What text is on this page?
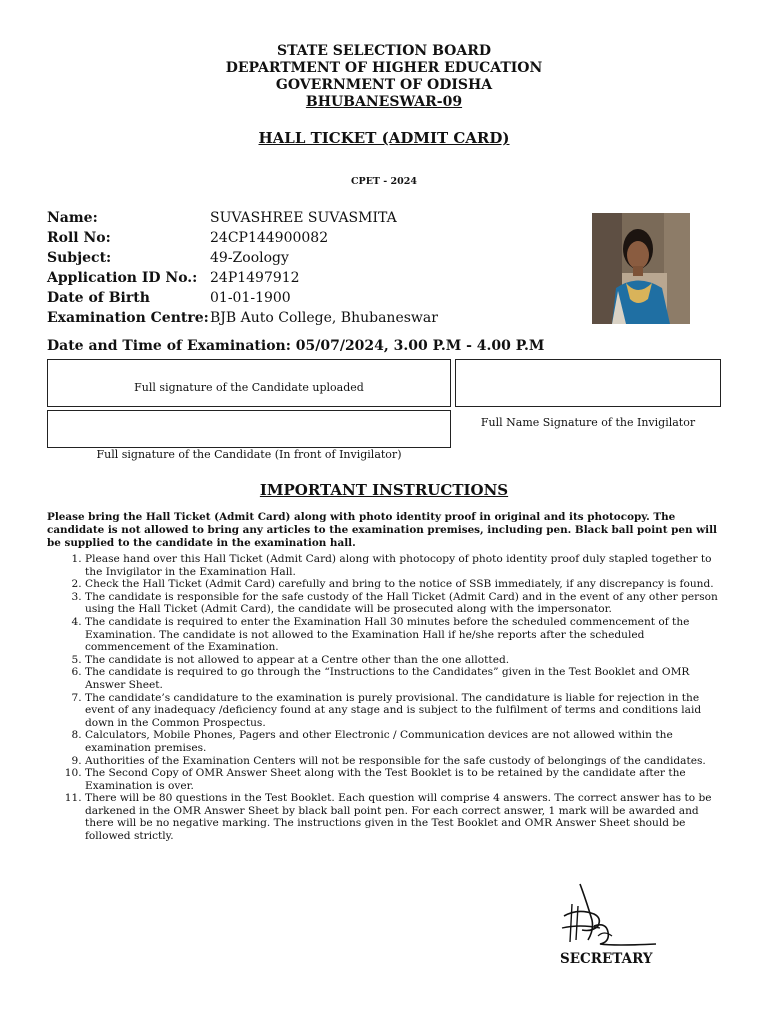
STATE SELECTION BOARD
DEPARTMENT OF HIGHER EDUCATION
GOVERNMENT OF ODISHA
BHUBANESWAR-09
HALL TICKET (ADMIT CARD)
CPET - 2024
Name:	SUVASHREE SUVASMITA
Roll No:	24CP144900082
Subject:	49-Zoology
Application ID No.: 24P1497912
Date of Birth	01-01-1900
Examination Centre: BJB Auto College, Bhubaneswar
Date and Time of Examination: 05/07/2024, 3.00 P.M - 4.00 P.M
Full signature of the Candidate uploaded
Full Name Signature of the Invigilator
Full signature of the Candidate (In front of Invigilator)
IMPORTANT INSTRUCTIONS
Please bring the Hall Ticket (Admit Card) along with photo identity proof in original and its photocopy. The candidate is not allowed to bring any articles to the examination premises, including pen. Black ball point pen will be supplied to the candidate in the examination hall.
1. Please hand over this Hall Ticket (Admit Card) along with photocopy of photo identity proof duly stapled together to the Invigilator in the Examination Hall.
2. Check the Hall Ticket (Admit Card) carefully and bring to the notice of SSB immediately, if any discrepancy is found.
3. The candidate is responsible for the safe custody of the Hall Ticket (Admit Card) and in the event of any other person using the Hall Ticket (Admit Card), the candidate will be prosecuted along with the impersonator.
4. The candidate is required to enter the Examination Hall 30 minutes before the scheduled commencement of the Examination. The candidate is not allowed to the Examination Hall if he/she reports after the scheduled commencement of the Examination.
5. The candidate is not allowed to appear at a Centre other than the one allotted.
6. The candidate is required to go through the “Instructions to the Candidates” given in the Test Booklet and OMR Answer Sheet.
7. The candidate’s candidature to the examination is purely provisional. The candidature is liable for rejection in the event of any inadequacy /deficiency found at any stage and is subject to the fulfilment of terms and conditions laid down in the Common Prospectus.
8. Calculators, Mobile Phones, Pagers and other Electronic / Communication devices are not allowed within the examination premises.
9. Authorities of the Examination Centers will not be responsible for the safe custody of belongings of the candidates.
10. The Second Copy of OMR Answer Sheet along with the Test Booklet is to be retained by the candidate after the Examination is over.
11. There will be 80 questions in the Test Booklet. Each question will comprise 4 answers. The correct answer has to be darkened in the OMR Answer Sheet by black ball point pen. For each correct answer, 1 mark will be awarded and there will be no negative marking. The instructions given in the Test Booklet and OMR Answer Sheet should be followed strictly.
SECRETARY
